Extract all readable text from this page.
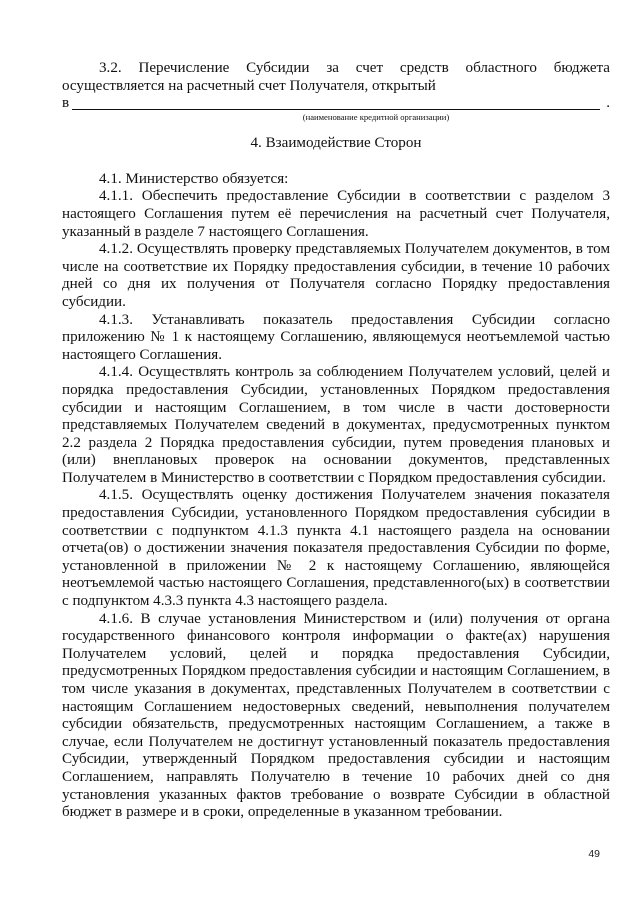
3.2. Перечисление Субсидии за счет средств областного бюджета осуществляется на расчетный счет Получателя, открытый

в	.

(наименование кредитной организации)

4. Взаимодействие Сторон

4.1. Министерство обязуется:

4.1.1. Обеспечить предоставление Субсидии в соответствии с разделом 3 настоящего Соглашения путем её перечисления на расчетный счет Получателя, указанный в разделе 7 настоящего Соглашения.

4.1.2. Осуществлять проверку представляемых Получателем документов, в том числе на соответствие их Порядку предоставления субсидии, в течение 10 рабочих дней со дня их получения от Получателя согласно Порядку предоставления субсидии.

4.1.3. Устанавливать показатель предоставления Субсидии согласно приложению № 1 к настоящему Соглашению, являющемуся неотъемлемой частью настоящего Соглашения.

4.1.4. Осуществлять контроль за соблюдением Получателем условий, целей и порядка предоставления Субсидии, установленных Порядком предоставления субсидии и настоящим Соглашением, в том числе в части достоверности представляемых Получателем сведений в документах, предусмотренных пунктом 2.2 раздела 2 Порядка предоставления субсидии, путем проведения плановых и (или) внеплановых проверок на основании документов, представленных Получателем в Министерство в соответствии с Порядком предоставления субсидии.

4.1.5. Осуществлять оценку достижения Получателем значения показателя предоставления Субсидии, установленного Порядком предоставления субсидии в соответствии с подпунктом 4.1.3 пункта 4.1 настоящего раздела на основании отчета(ов) о достижении значения показателя предоставления Субсидии по форме, установленной в приложении № 2 к настоящему Соглашению, являющейся неотъемлемой частью настоящего Соглашения, представленного(ых) в соответствии с подпунктом 4.3.3 пункта 4.3 настоящего раздела.

4.1.6. В случае установления Министерством и (или) получения от органа государственного финансового контроля информации о факте(ах) нарушения Получателем условий, целей и порядка предоставления Субсидии, предусмотренных Порядком предоставления субсидии и настоящим Соглашением, в том числе указания в документах, представленных Получателем в соответствии с настоящим Соглашением недостоверных сведений, невыполнения получателем субсидии обязательств, предусмотренных настоящим Соглашением, а также в случае, если Получателем не достигнут установленный показатель предоставления Субсидии, утвержденный Порядком предоставления субсидии и настоящим Соглашением, направлять Получателю в течение 10 рабочих дней со дня установления указанных фактов требование о возврате Субсидии в областной бюджет в размере и в сроки, определенные в указанном требовании.

49
